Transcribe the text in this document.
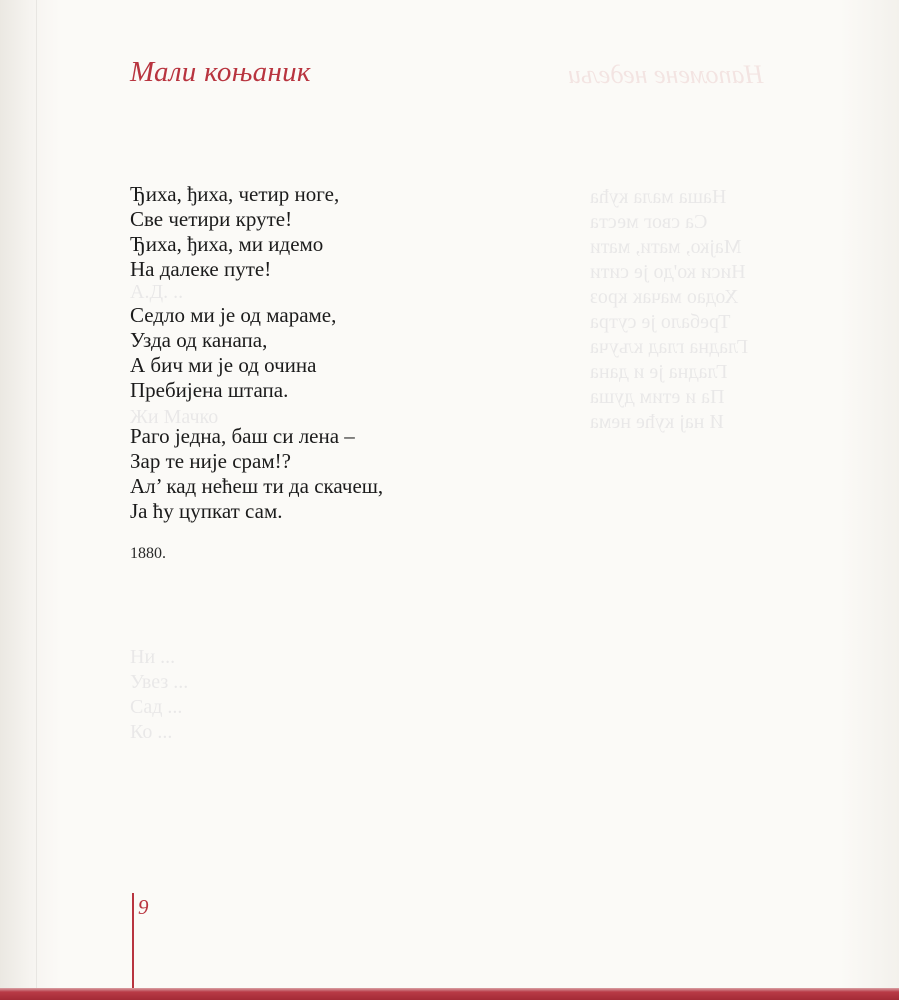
Напомене недељи
Наша мала кућа
Са свог места
Мајко, мати, мати
Ниси ко'до је сити
Ходао мачак кроз
Требало је сутра
Гладна глад кључа
Гладна је и дана
Па и етим душа
И нај куће нема
А.Д. ..

Жи Мачко
Ни ...
Увез ...
Сад ...
Ко ...
Мали коњаник
Ђиха, ђиха, четир ноге,
Све четири круте!
Ђиха, ђиха, ми идемо
На далеке путе!
Седло ми је од мараме,
Узда од канапа,
А бич ми је од очина
Пребијена штапа.
Раго једна, баш си лена –
Зар те није срам!?
Ал’ кад нећеш ти да скачеш,
Ја ћу цупкат сам.
1880.
9
